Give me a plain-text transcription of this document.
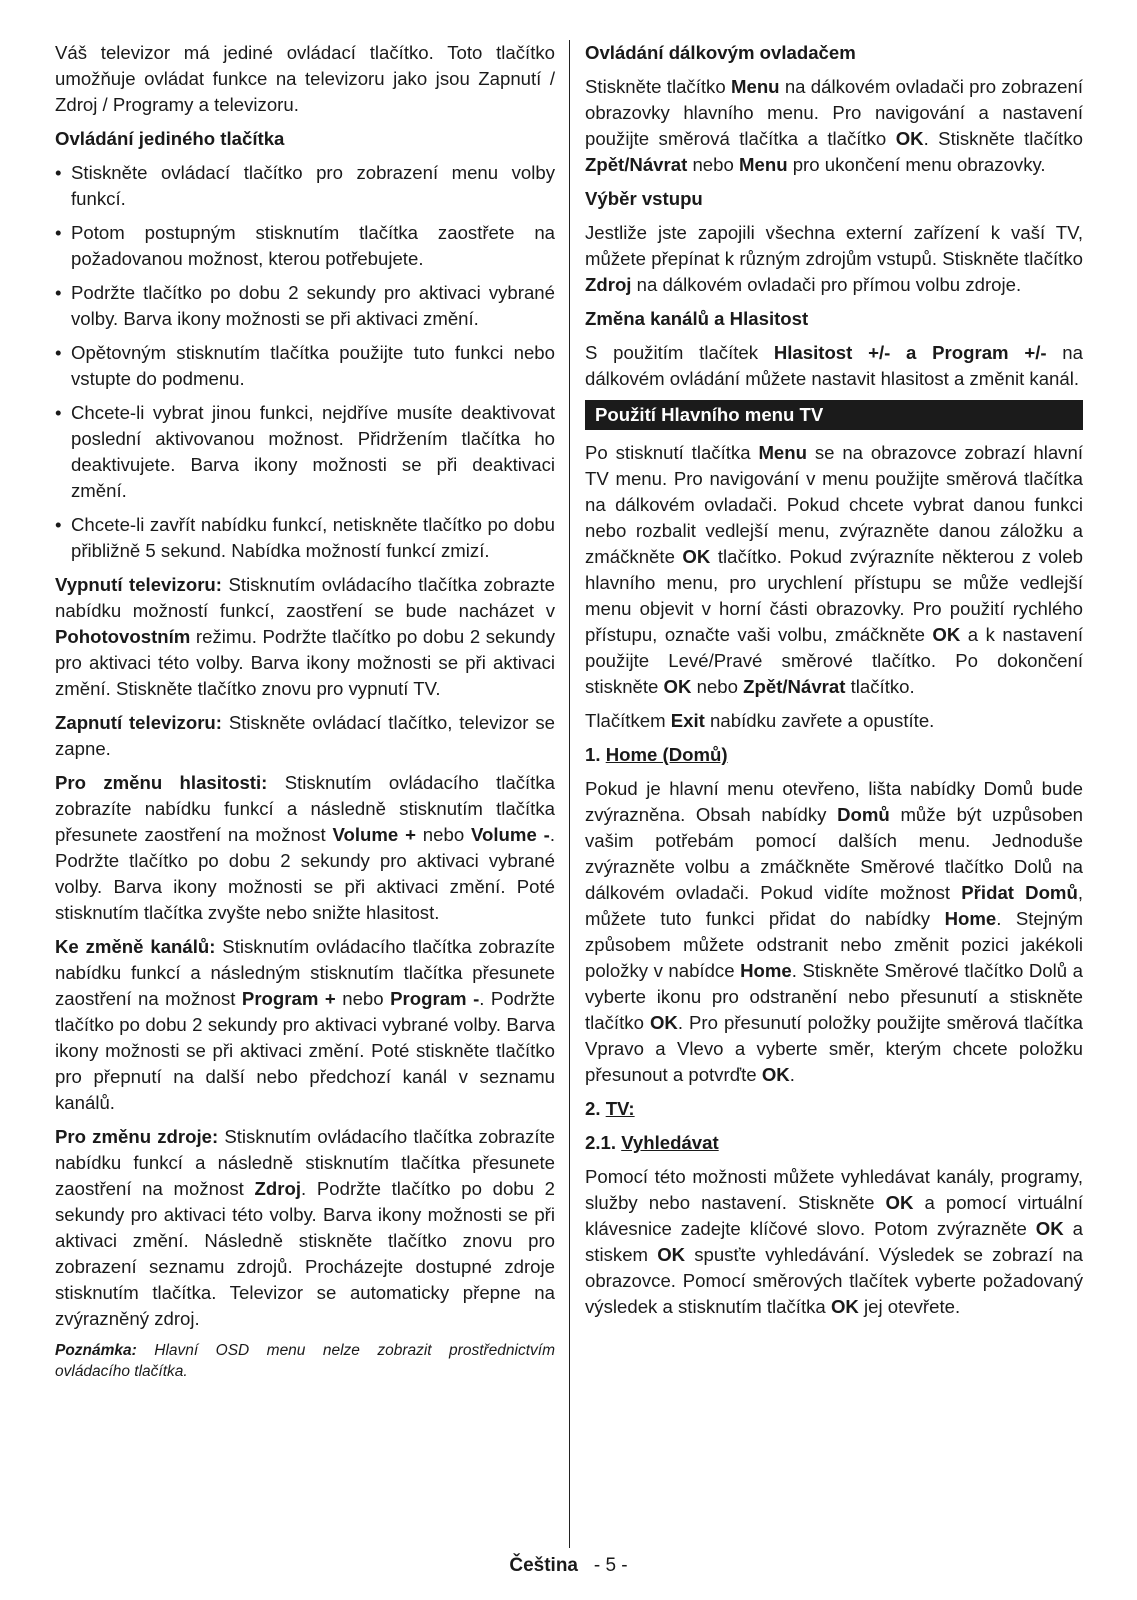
Váš televizor má jediné ovládací tlačítko. Toto tlačítko umožňuje ovládat funkce na televizoru jako jsou Zapnutí / Zdroj / Programy a televizoru.

Ovládání jediného tlačítka
• Stiskněte ovládací tlačítko pro zobrazení menu volby funkcí.
• Potom postupným stisknutím tlačítka zaostřete na požadovanou možnost, kterou potřebujete.
• Podržte tlačítko po dobu 2 sekundy pro aktivaci vybrané volby. Barva ikony možnosti se při aktivaci změní.
• Opětovným stisknutím tlačítka použijte tuto funkci nebo vstupte do podmenu.
• Chcete-li vybrat jinou funkci, nejdříve musíte deaktivovat poslední aktivovanou možnost. Přidržením tlačítka ho deaktivujete. Barva ikony možnosti se při deaktivaci změní.
• Chcete-li zavřít nabídku funkcí, netiskněte tlačítko po dobu přibližně 5 sekund. Nabídka možností funkcí zmizí.

Vypnutí televizoru: Stisknutím ovládacího tlačítka zobrazte nabídku možností funkcí, zaostření se bude nacházet v Pohotovostním režimu. Podržte tlačítko po dobu 2 sekundy pro aktivaci této volby. Barva ikony možnosti se při aktivaci změní. Stiskněte tlačítko znovu pro vypnutí TV.

Zapnutí televizoru: Stiskněte ovládací tlačítko, televizor se zapne.

Pro změnu hlasitosti: Stisknutím ovládacího tlačítka zobrazíte nabídku funkcí a následně stisknutím tlačítka přesunete zaostření na možnost Volume + nebo Volume -. Podržte tlačítko po dobu 2 sekundy pro aktivaci vybrané volby. Barva ikony možnosti se při aktivaci změní. Poté stisknutím tlačítka zvyšte nebo snižte hlasitost.

Ke změně kanálů: Stisknutím ovládacího tlačítka zobrazíte nabídku funkcí a následným stisknutím tlačítka přesunete zaostření na možnost Program + nebo Program -. Podržte tlačítko po dobu 2 sekundy pro aktivaci vybrané volby. Barva ikony možnosti se při aktivaci změní. Poté stiskněte tlačítko pro přepnutí na další nebo předchozí kanál v seznamu kanálů.

Pro změnu zdroje: Stisknutím ovládacího tlačítka zobrazíte nabídku funkcí a následně stisknutím tlačítka přesunete zaostření na možnost Zdroj. Podržte tlačítko po dobu 2 sekundy pro aktivaci této volby. Barva ikony možnosti se při aktivaci změní. Následně stiskněte tlačítko znovu pro zobrazení seznamu zdrojů. Procházejte dostupné zdroje stisknutím tlačítka. Televizor se automaticky přepne na zvýrazněný zdroj.

Poznámka: Hlavní OSD menu nelze zobrazit prostřednictvím ovládacího tlačítka.

Ovládání dálkovým ovladačem

Stiskněte tlačítko Menu na dálkovém ovladači pro zobrazení obrazovky hlavního menu. Pro navigování a nastavení použijte směrová tlačítka a tlačítko OK. Stiskněte tlačítko Zpět/Návrat nebo Menu pro ukončení menu obrazovky.

Výběr vstupu

Jestliže jste zapojili všechna externí zařízení k vaší TV, můžete přepínat k různým zdrojům vstupů. Stiskněte tlačítko Zdroj na dálkovém ovladači pro přímou volbu zdroje.

Změna kanálů a Hlasitost

S použitím tlačítek Hlasitost +/- a Program +/- na dálkovém ovládání můžete nastavit hlasitost a změnit kanál.

Použití Hlavního menu TV

Po stisknutí tlačítka Menu se na obrazovce zobrazí hlavní TV menu. Pro navigování v menu použijte směrová tlačítka na dálkovém ovladači. Pokud chcete vybrat danou funkci nebo rozbalit vedlejší menu, zvýrazněte danou záložku a zmáčkněte OK tlačítko. Pokud zvýrazníte některou z voleb hlavního menu, pro urychlení přístupu se může vedlejší menu objevit v horní části obrazovky. Pro použití rychlého přístupu, označte vaši volbu, zmáčkněte OK a k nastavení použijte Levé/Pravé směrové tlačítko. Po dokončení stiskněte OK nebo Zpět/Návrat tlačítko.

Tlačítkem Exit nabídku zavřete a opustíte.

1. Home (Domů)

Pokud je hlavní menu otevřeno, lišta nabídky Domů bude zvýrazněna. Obsah nabídky Domů může být uzpůsoben vašim potřebám pomocí dalších menu. Jednoduše zvýrazněte volbu a zmáčkněte Směrové tlačítko Dolů na dálkovém ovladači. Pokud vidíte možnost Přidat Domů, můžete tuto funkci přidat do nabídky Home. Stejným způsobem můžete odstranit nebo změnit pozici jakékoli položky v nabídce Home. Stiskněte Směrové tlačítko Dolů a vyberte ikonu pro odstranění nebo přesunutí a stiskněte tlačítko OK. Pro přesunutí položky použijte směrová tlačítka Vpravo a Vlevo a vyberte směr, kterým chcete položku přesunout a potvrďte OK.

2. TV:
2.1. Vyhledávat

Pomocí této možnosti můžete vyhledávat kanály, programy, služby nebo nastavení. Stiskněte OK a pomocí virtuální klávesnice zadejte klíčové slovo. Potom zvýrazněte OK a stiskem OK spusťte vyhledávání. Výsledek se zobrazí na obrazovce. Pomocí směrových tlačítek vyberte požadovaný výsledek a stisknutím tlačítka OK jej otevřete.

Čeština - 5 -
